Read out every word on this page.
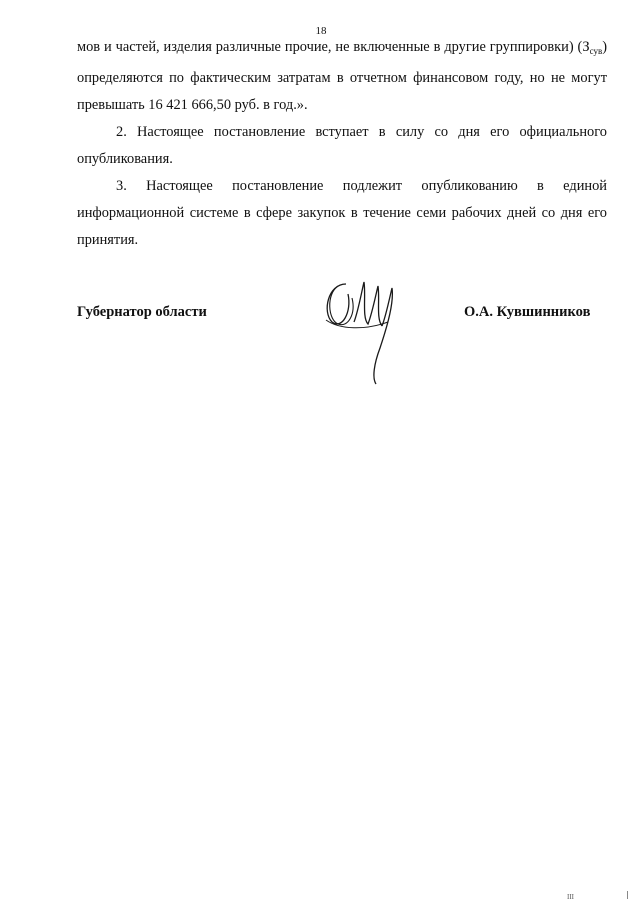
18

мов и частей, изделия различные прочие, не включенные в другие группировки) $(З_{сув})$ определяются по фактическим затратам в отчетном финансовом году, но не могут превышать 16 421 666,50 руб. в год.».

2. Настоящее постановление вступает в силу со дня его официального опубликования.

3. Настоящее постановление подлежит опубликованию в единой информационной системе в сфере закупок в течение семи рабочих дней со дня его принятия.

Губернатор области	О.А. Кувшинников
ІІІ
